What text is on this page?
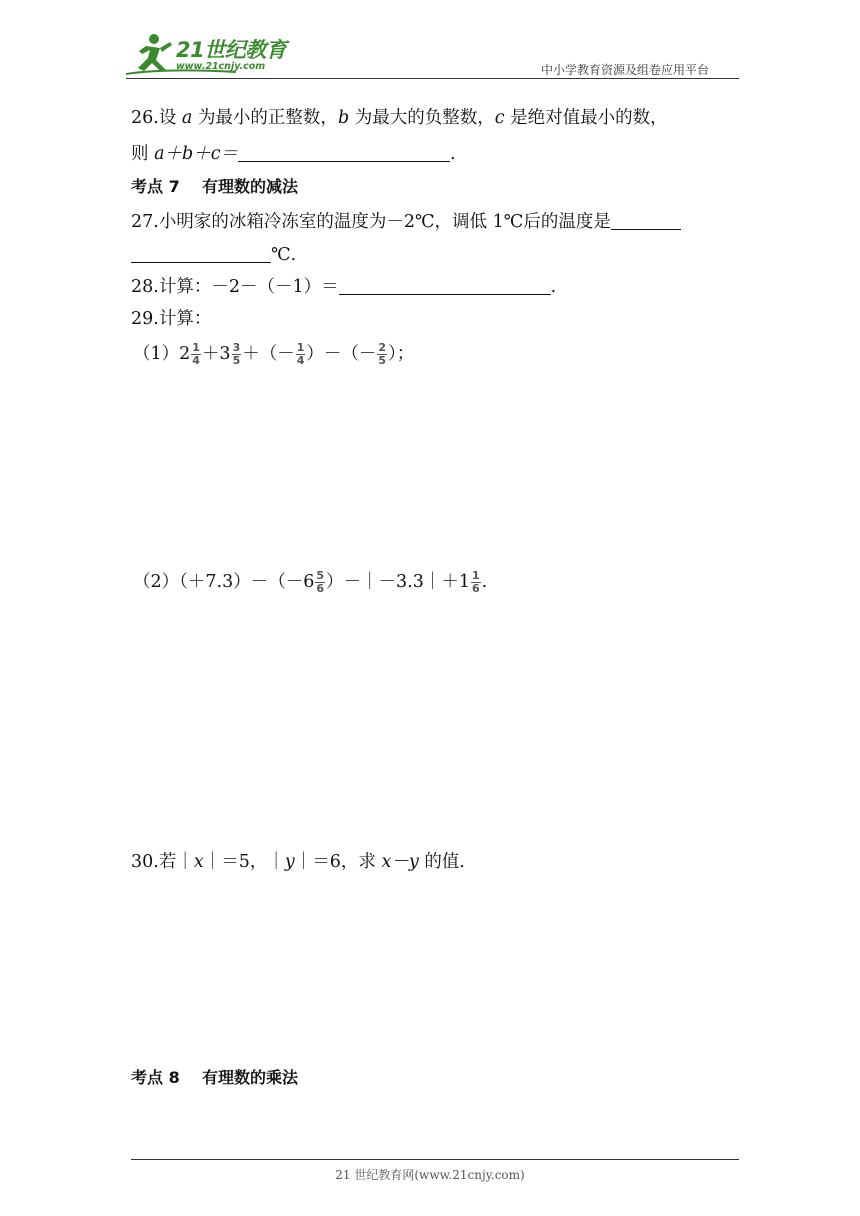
21世纪教育
www.21cnjy.com	中小学教育资源及组卷应用平台
26.设 a 为最小的正整数，b 为最大的负整数，c 是绝对值最小的数，
则 a＋b＋c＝	.
考点 7 有理数的减法
27.小明家的冰箱冷冻室的温度为－2℃，调低 1℃后的温度是
℃.
28.计算：－2－（－1）＝	.
29.计算：
$(1)2 \frac{1}{4} +3 \frac{3}{5}$ ＋（－ $\frac{1}{4}$ ）－（－ $\frac{2}{5}$ ）；
$(2)(+7.3)-(-6 \frac{5}{6}$ ）－｜－3.3｜＋1 $\frac{1}{6}$ .
30.若｜x｜＝5，｜y｜＝6，求 x－y 的值.
考点 8 有理数的乘法
21 世纪教育网(www.21cnjy.com)
